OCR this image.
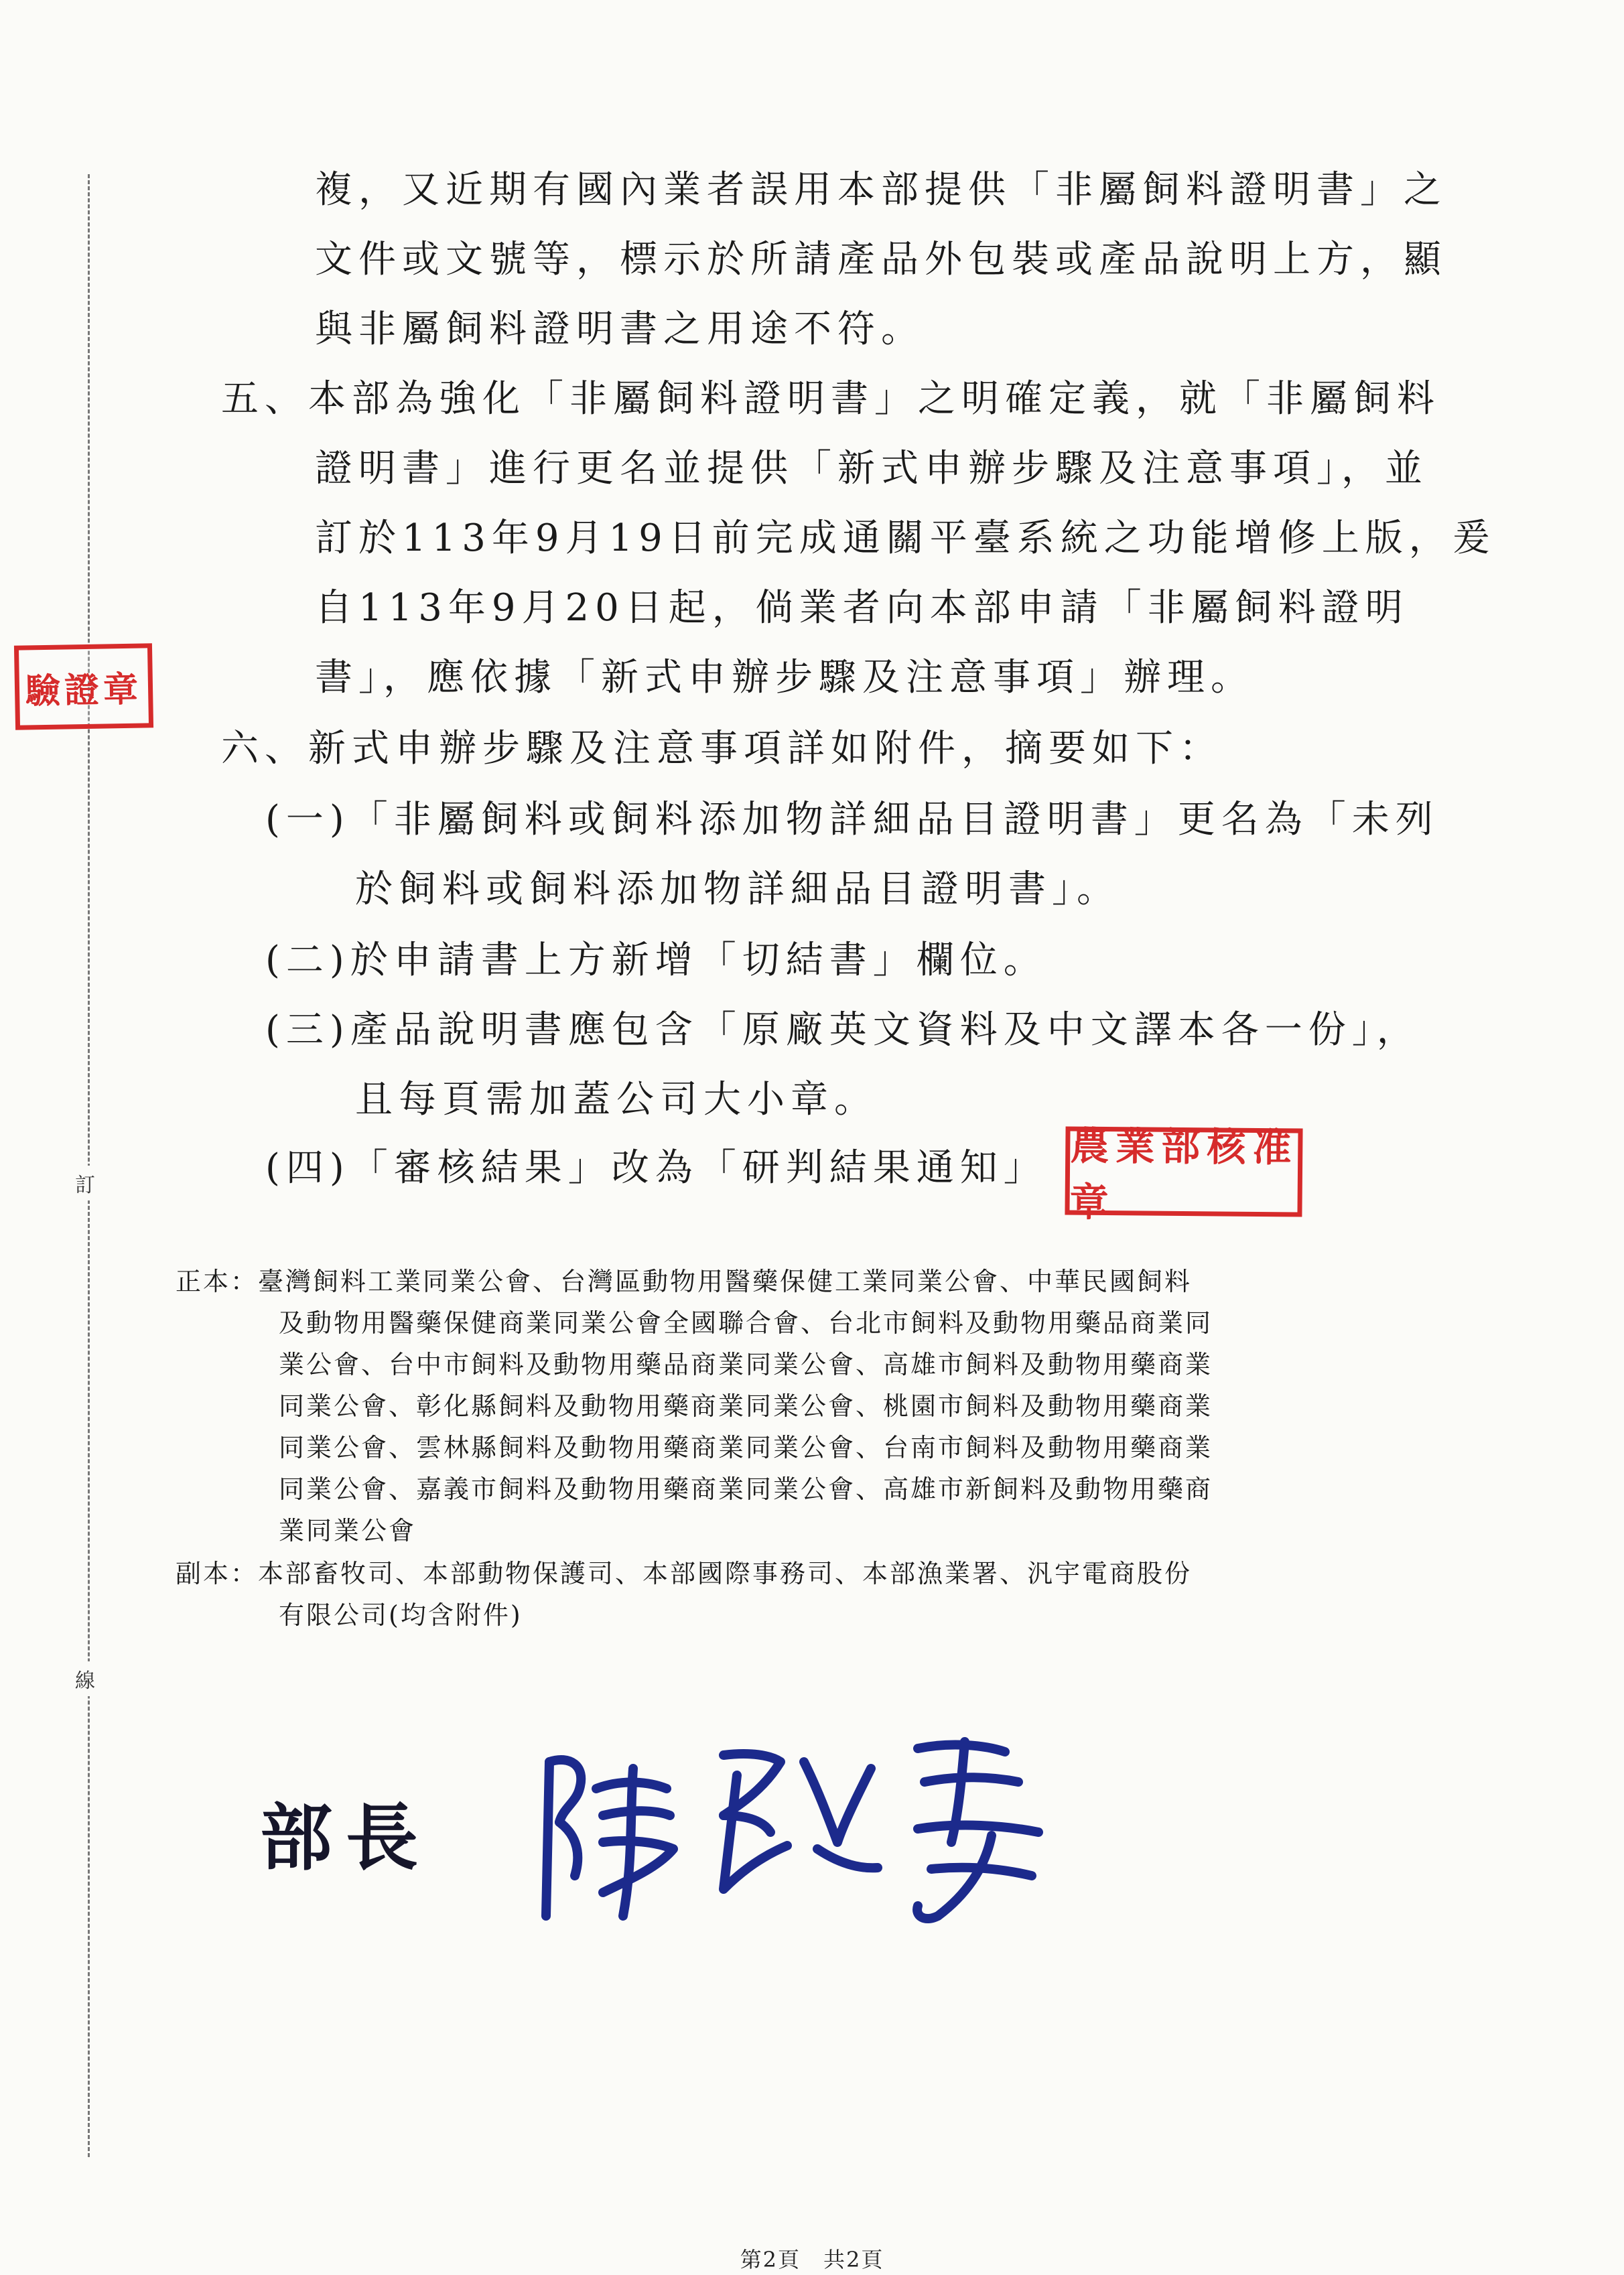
訂
線
驗證章
複，又近期有國內業者誤用本部提供「非屬飼料證明書」之
文件或文號等，標示於所請產品外包裝或產品說明上方，顯
與非屬飼料證明書之用途不符。
五、本部為強化「非屬飼料證明書」之明確定義，就「非屬飼料
證明書」進行更名並提供「新式申辦步驟及注意事項」，並
訂於113年9月19日前完成通關平臺系統之功能增修上版，爰
自113年9月20日起，倘業者向本部申請「非屬飼料證明
書」，應依據「新式申辦步驟及注意事項」辦理。
六、新式申辦步驟及注意事項詳如附件，摘要如下：
(一)「非屬飼料或飼料添加物詳細品目證明書」更名為「未列
於飼料或飼料添加物詳細品目證明書」。
(二)於申請書上方新增「切結書」欄位。
(三)產品說明書應包含「原廠英文資料及中文譯本各一份」，
且每頁需加蓋公司大小章。
(四)「審核結果」改為「研判結果通知」 農業部核准章
正本：臺灣飼料工業同業公會、台灣區動物用醫藥保健工業同業公會、中華民國飼料
及動物用醫藥保健商業同業公會全國聯合會、台北市飼料及動物用藥品商業同
業公會、台中市飼料及動物用藥品商業同業公會、高雄市飼料及動物用藥商業
同業公會、彰化縣飼料及動物用藥商業同業公會、桃園市飼料及動物用藥商業
同業公會、雲林縣飼料及動物用藥商業同業公會、台南市飼料及動物用藥商業
同業公會、嘉義市飼料及動物用藥商業同業公會、高雄市新飼料及動物用藥商
業同業公會
副本：本部畜牧司、本部動物保護司、本部國際事務司、本部漁業署、汎宇電商股份
有限公司(均含附件)
部長
陳駿季
第2頁　共2頁
